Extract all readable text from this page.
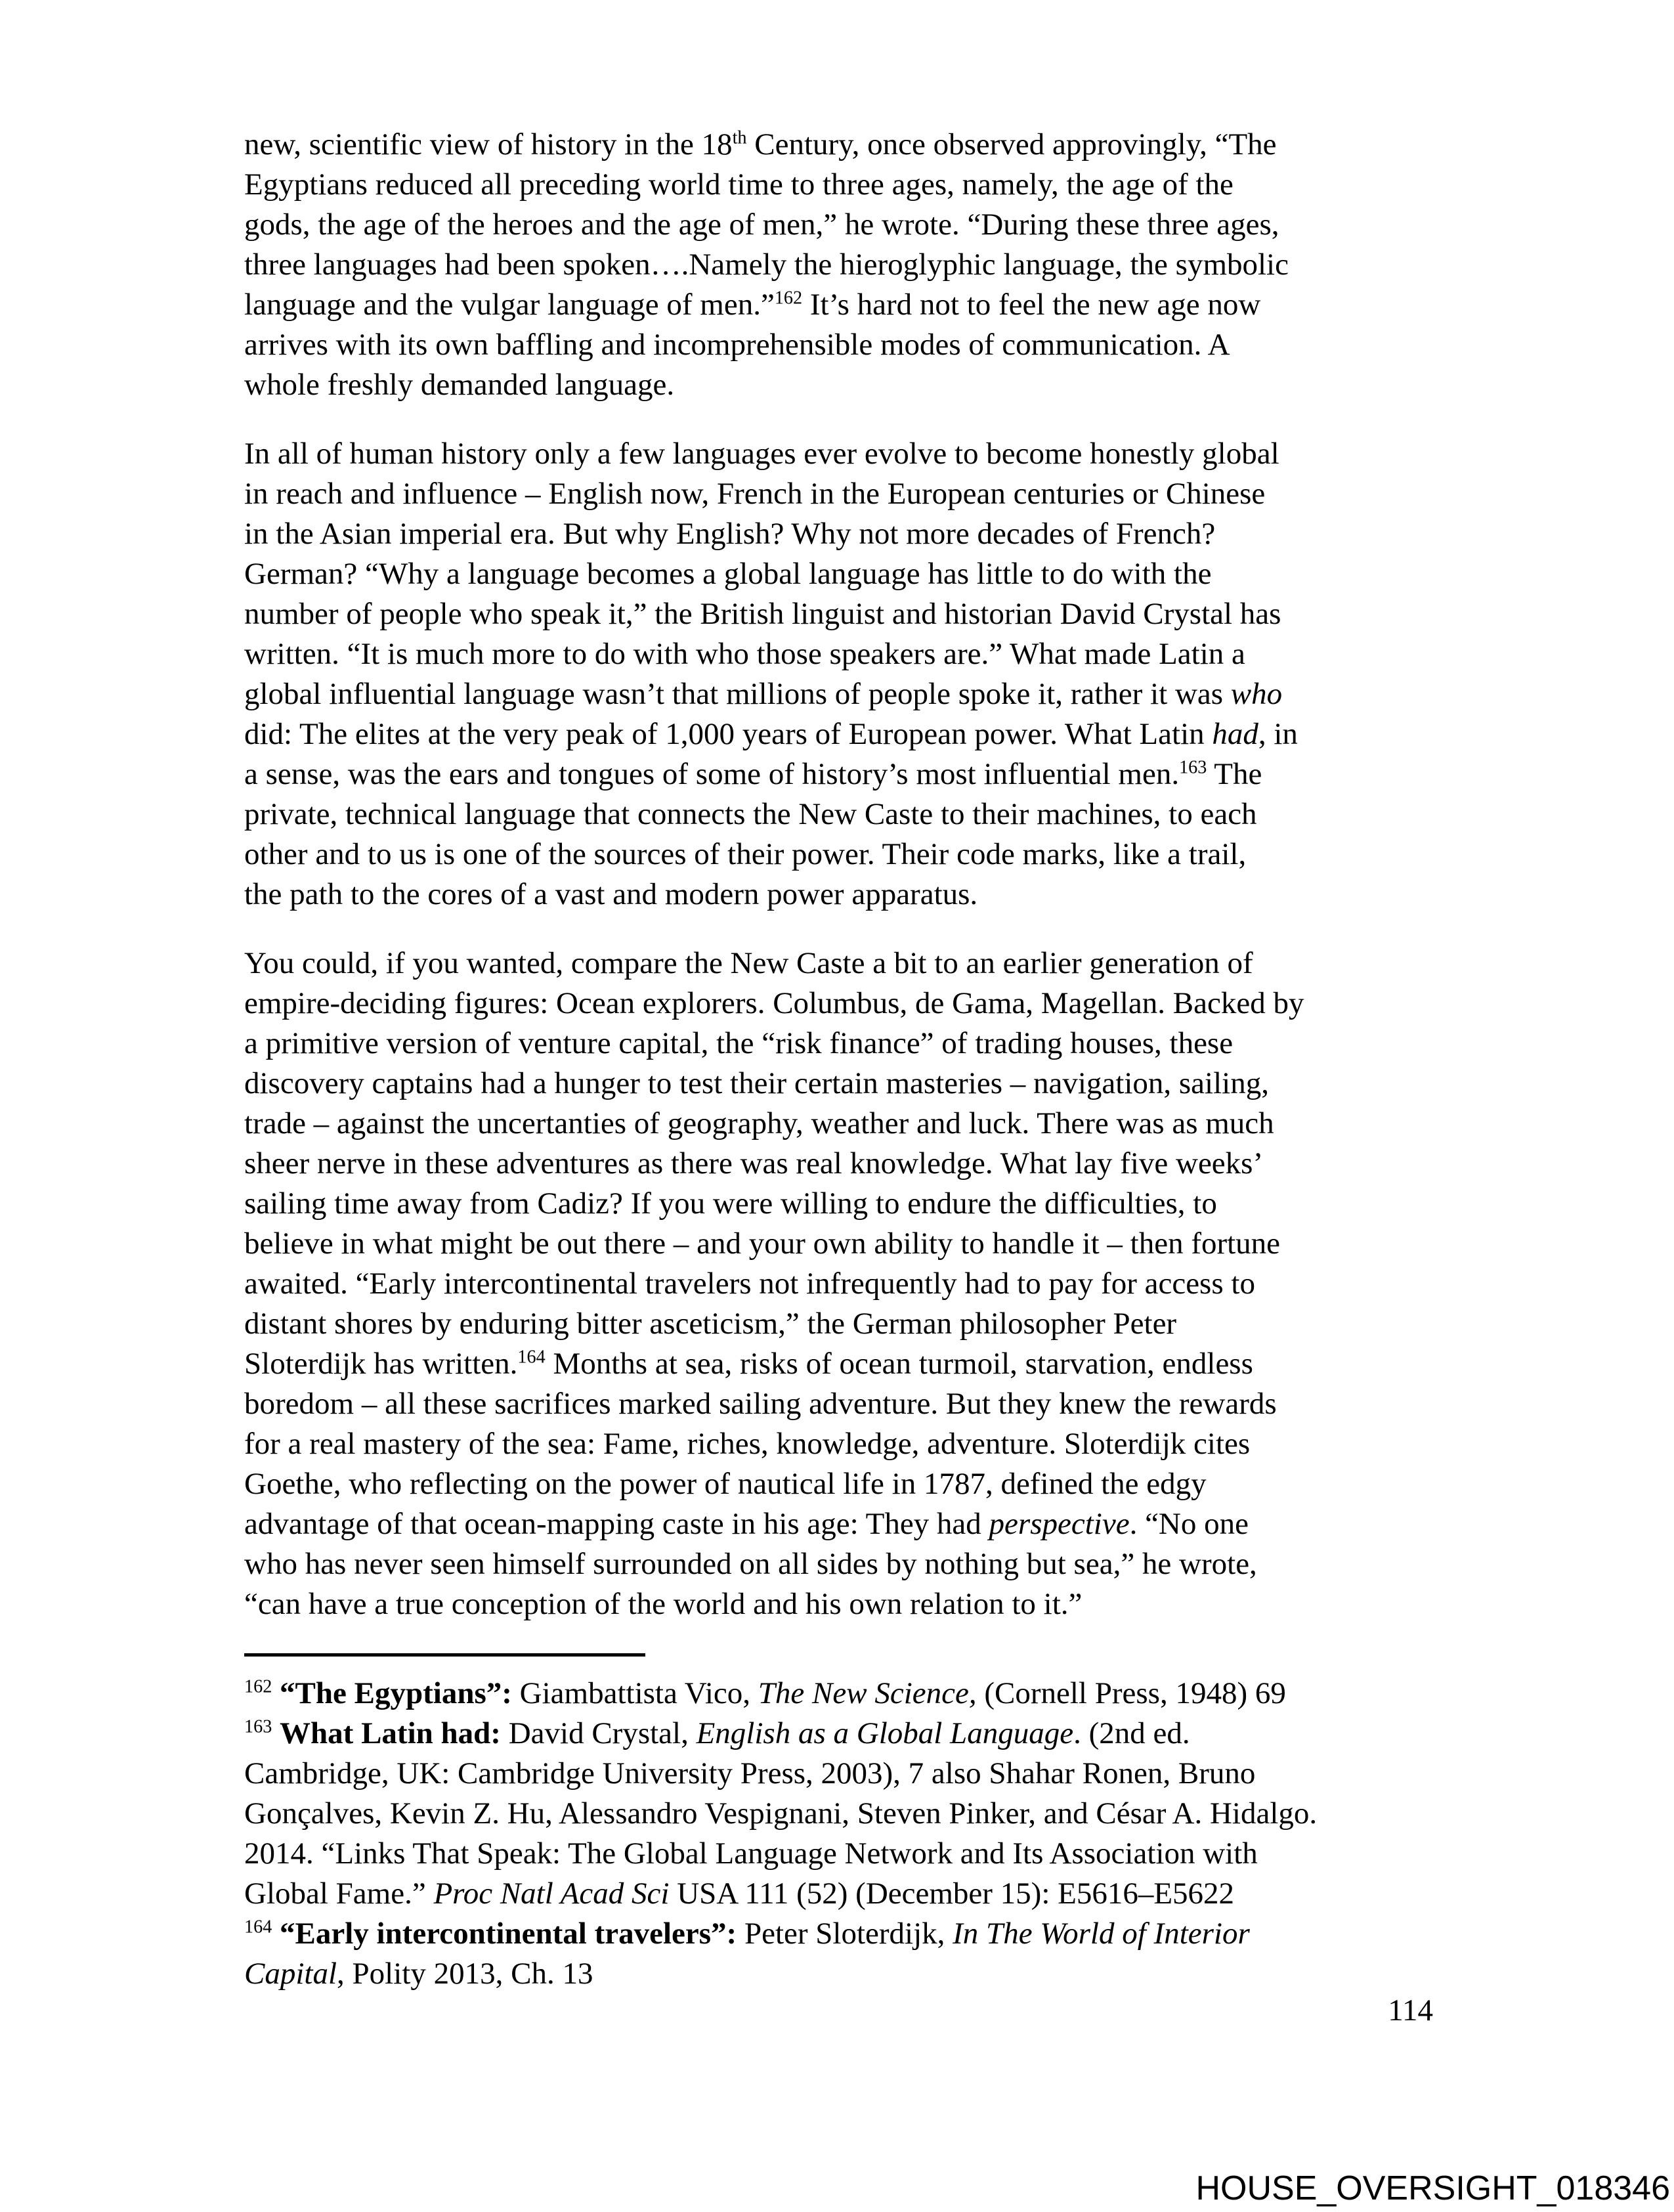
new, scientific view of history in the 18th Century, once observed approvingly, “The
Egyptians reduced all preceding world time to three ages, namely, the age of the
gods, the age of the heroes and the age of men,” he wrote. “During these three ages,
three languages had been spoken….Namely the hieroglyphic language, the symbolic
language and the vulgar language of men.”$^{162}$ It’s hard not to feel the new age now
arrives with its own baffling and incomprehensible modes of communication. A
whole freshly demanded language.
In all of human history only a few languages ever evolve to become honestly global
in reach and influence – English now, French in the European centuries or Chinese
in the Asian imperial era. But why English? Why not more decades of French?
German? “Why a language becomes a global language has little to do with the
number of people who speak it,” the British linguist and historian David Crystal has
written. “It is much more to do with who those speakers are.” What made Latin a
global influential language wasn’t that millions of people spoke it, rather it was who
did: The elites at the very peak of 1,000 years of European power. What Latin had, in
a sense, was the ears and tongues of some of history’s most influential men.$^{163}$ The
private, technical language that connects the New Caste to their machines, to each
other and to us is one of the sources of their power. Their code marks, like a trail,
the path to the cores of a vast and modern power apparatus.
You could, if you wanted, compare the New Caste a bit to an earlier generation of
empire-deciding figures: Ocean explorers. Columbus, de Gama, Magellan. Backed by
a primitive version of venture capital, the “risk finance” of trading houses, these
discovery captains had a hunger to test their certain masteries – navigation, sailing,
trade – against the uncertanties of geography, weather and luck. There was as much
sheer nerve in these adventures as there was real knowledge. What lay five weeks’
sailing time away from Cadiz? If you were willing to endure the difficulties, to
believe in what might be out there – and your own ability to handle it – then fortune
awaited. “Early intercontinental travelers not infrequently had to pay for access to
distant shores by enduring bitter asceticism,” the German philosopher Peter
Sloterdijk has written.$^{164}$ Months at sea, risks of ocean turmoil, starvation, endless
boredom – all these sacrifices marked sailing adventure. But they knew the rewards
for a real mastery of the sea: Fame, riches, knowledge, adventure. Sloterdijk cites
Goethe, who reflecting on the power of nautical life in 1787, defined the edgy
advantage of that ocean-mapping caste in his age: They had perspective. “No one
who has never seen himself surrounded on all sides by nothing but sea,” he wrote,
“can have a true conception of the world and his own relation to it.”
$^{162}$ “The Egyptians”: Giambattista Vico, The New Science, (Cornell Press, 1948) 69
$^{163}$ What Latin had: David Crystal, English as a Global Language. (2nd ed.
Cambridge, UK: Cambridge University Press, 2003), 7 also Shahar Ronen, Bruno
Gonçalves, Kevin Z. Hu, Alessandro Vespignani, Steven Pinker, and César A. Hidalgo.
2014. “Links That Speak: The Global Language Network and Its Association with
Global Fame.” Proc Natl Acad Sci USA 111 (52) (December 15): E5616–E5622
$^{164}$ “Early intercontinental travelers”: Peter Sloterdijk, In The World of Interior
Capital, Polity 2013, Ch. 13
114
HOUSE_OVERSIGHT_018346
